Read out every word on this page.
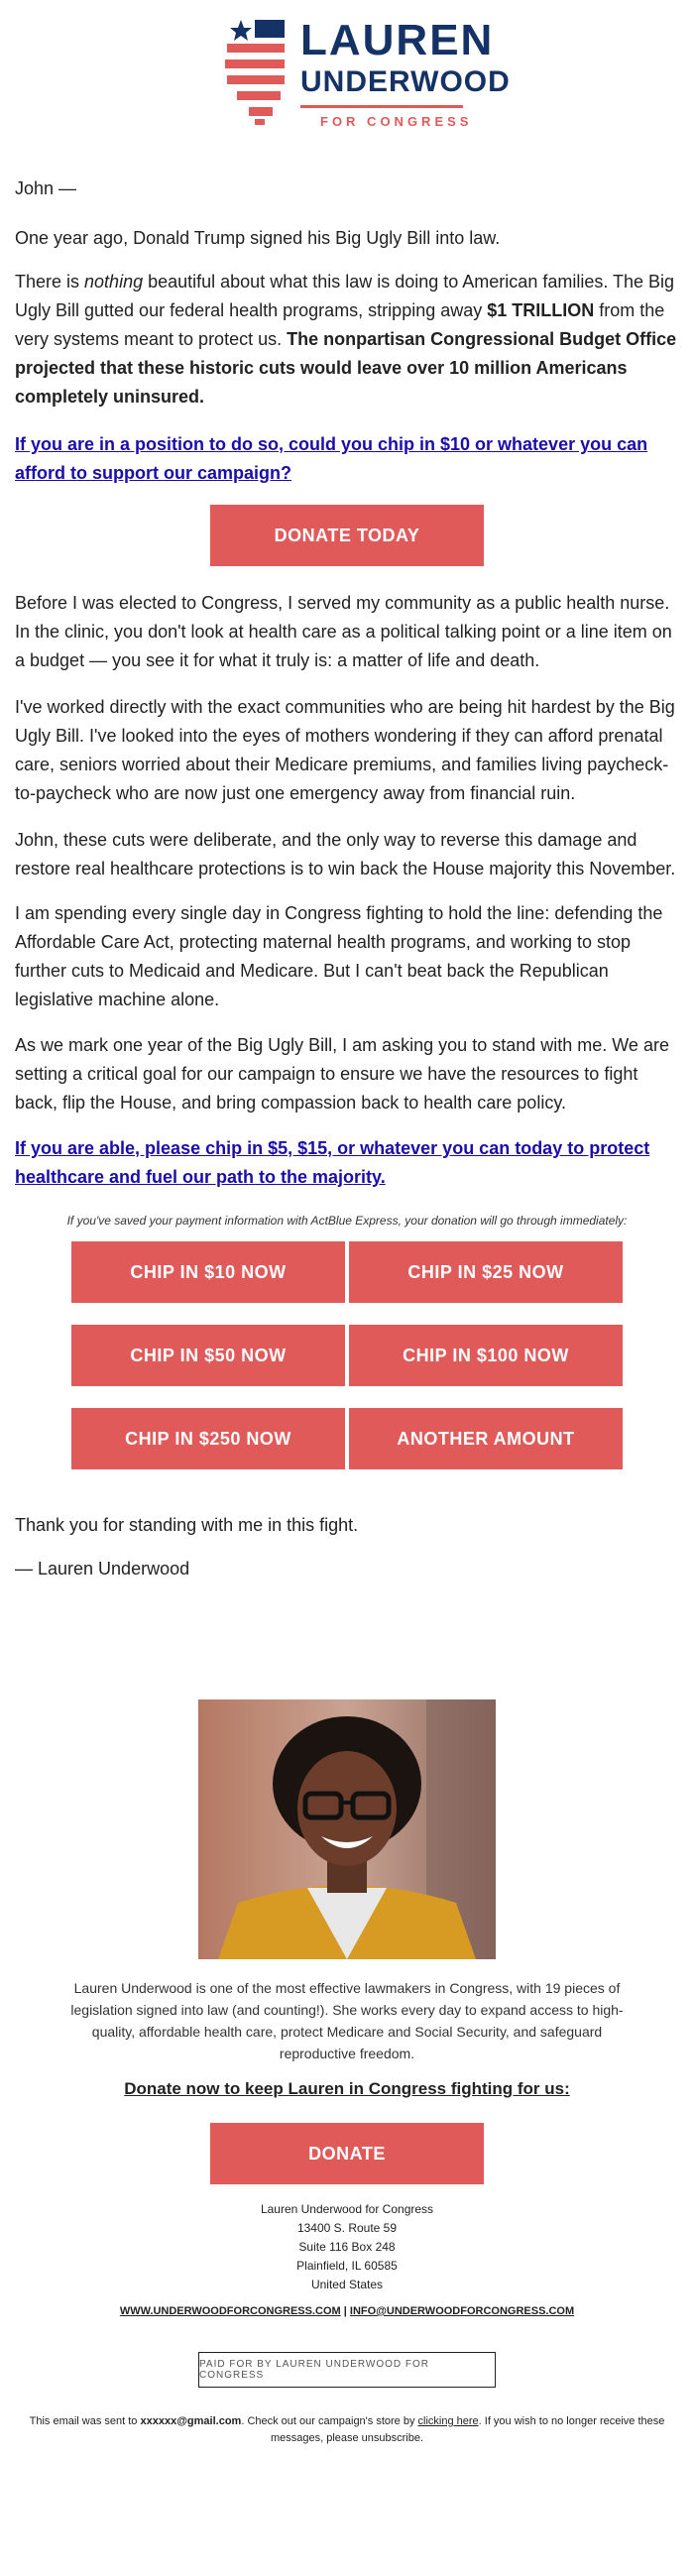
LAUREN
UNDERWOOD
FOR CONGRESS
John —
One year ago, Donald Trump signed his Big Ugly Bill into law.
There is nothing beautiful about what this law is doing to American families. The Big Ugly Bill gutted our federal health programs, stripping away $1 TRILLION from the very systems meant to protect us. The nonpartisan Congressional Budget Office projected that these historic cuts would leave over 10 million Americans completely uninsured.
If you are in a position to do so, could you chip in $10 or whatever you can afford to support our campaign?
DONATE TODAY
Before I was elected to Congress, I served my community as a public health nurse. In the clinic, you don't look at health care as a political talking point or a line item on a budget — you see it for what it truly is: a matter of life and death.
I've worked directly with the exact communities who are being hit hardest by the Big Ugly Bill. I've looked into the eyes of mothers wondering if they can afford prenatal care, seniors worried about their Medicare premiums, and families living paycheck-to-paycheck who are now just one emergency away from financial ruin.
John, these cuts were deliberate, and the only way to reverse this damage and restore real healthcare protections is to win back the House majority this November.
I am spending every single day in Congress fighting to hold the line: defending the Affordable Care Act, protecting maternal health programs, and working to stop further cuts to Medicaid and Medicare. But I can't beat back the Republican legislative machine alone.
As we mark one year of the Big Ugly Bill, I am asking you to stand with me. We are setting a critical goal for our campaign to ensure we have the resources to fight back, flip the House, and bring compassion back to health care policy.
If you are able, please chip in $5, $15, or whatever you can today to protect healthcare and fuel our path to the majority.
If you've saved your payment information with ActBlue Express, your donation will go through immediately:
CHIP IN $10 NOW	CHIP IN $25 NOW
CHIP IN $50 NOW	CHIP IN $100 NOW
CHIP IN $250 NOW	ANOTHER AMOUNT
Thank you for standing with me in this fight.
— Lauren Underwood
Lauren Underwood is one of the most effective lawmakers in Congress, with 19 pieces of legislation signed into law (and counting!). She works every day to expand access to high-quality, affordable health care, protect Medicare and Social Security, and safeguard reproductive freedom.
Donate now to keep Lauren in Congress fighting for us:
DONATE
Lauren Underwood for Congress
13400 S. Route 59
Suite 116 Box 248
Plainfield, IL 60585
United States
WWW.UNDERWOODFORCONGRESS.COM | INFO@UNDERWOODFORCONGRESS.COM
PAID FOR BY LAUREN UNDERWOOD FOR CONGRESS
This email was sent to xxxxxx@gmail.com. Check out our campaign's store by clicking here. If you wish to no longer receive these messages, please unsubscribe.
